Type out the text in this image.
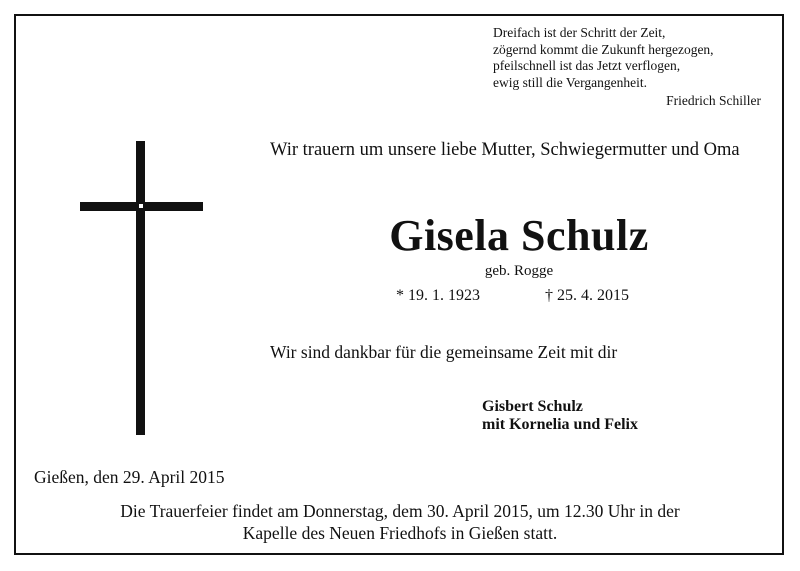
Dreifach ist der Schritt der Zeit,
zögernd kommt die Zukunft hergezogen,
pfeilschnell ist das Jetzt verflogen,
ewig still die Vergangenheit.
Friedrich Schiller
Wir trauern um unsere liebe Mutter, Schwiegermutter und Oma
Gisela Schulz
geb. Rogge
* 19. 1. 1923	† 25. 4. 2015
Wir sind dankbar für die gemeinsame Zeit mit dir
Gisbert Schulz
mit Kornelia und Felix
Gießen, den 29. April 2015
Die Trauerfeier findet am Donnerstag, dem 30. April 2015, um 12.30 Uhr in der
Kapelle des Neuen Friedhofs in Gießen statt.
